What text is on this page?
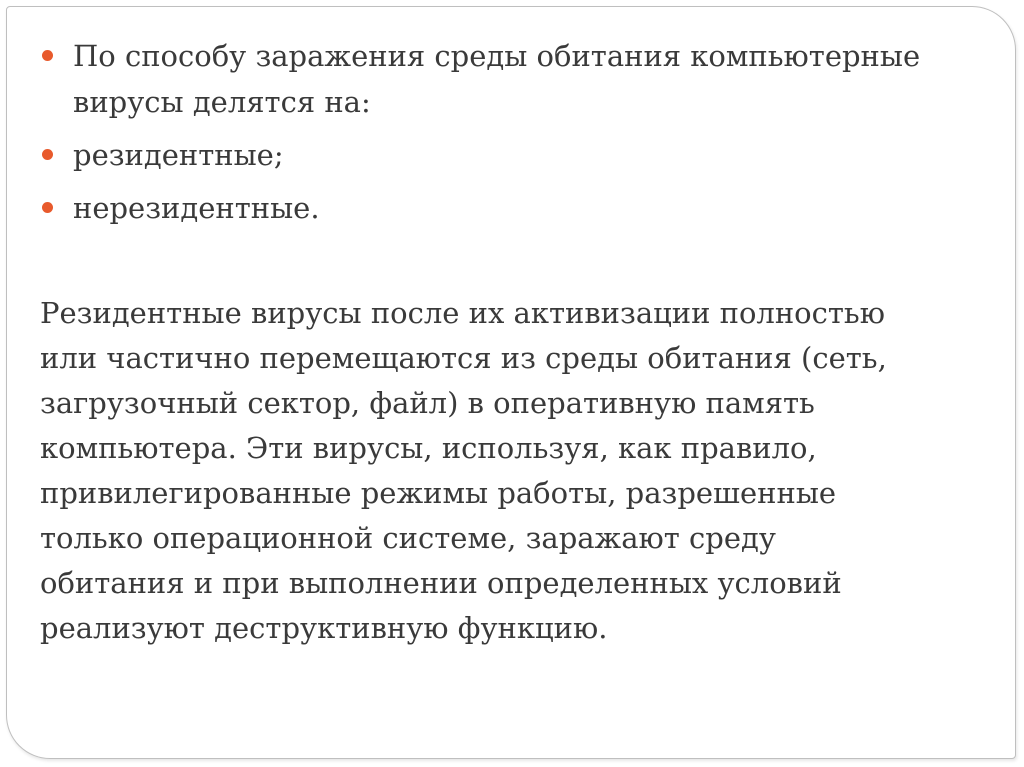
По способу заражения среды обитания компьютерные вирусы делятся на:
резидентные;
нерезидентные.

Резидентные вирусы после их активизации полностью
или частично перемещаются из среды обитания (сеть,
загрузочный сектор, файл) в оперативную память
компьютера. Эти вирусы, используя, как правило,
привилегированные режимы работы, разрешенные
только операционной системе, заражают среду
обитания и при выполнении определенных условий
реализуют деструктивную функцию.
